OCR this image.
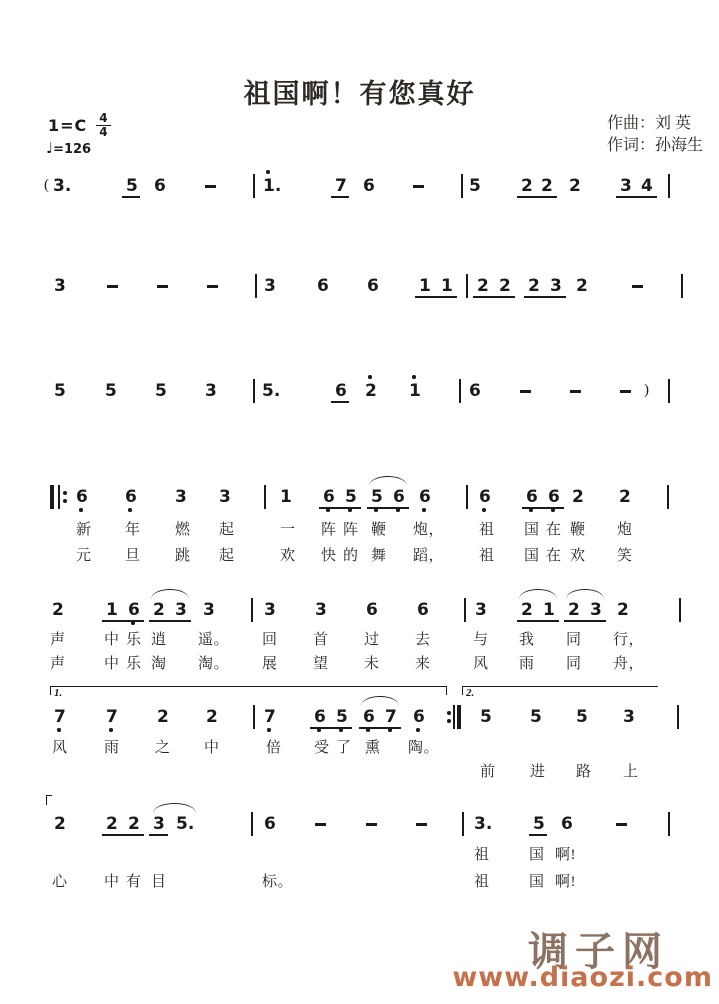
祖国啊！有您真好
$1=C \frac{4}{4}$
♩=126
作曲：刘 英
作词：孙海生
( 3.	5 6	1.	7 6	5 2 2 2 3 4
3	3 6 6 1 1 2 2 2 3 2
5 5 5 3	5.	6 2 1	6	)
6 6 3 3	1 6 5 5 6 6	6 6 6 2 2
新 年 燃 起	一 阵 阵 鞭 炮， 祖 国 在 鞭 炮
元 旦 跳 起	欢 快 的 舞 蹈， 祖 国 在 欢 笑
2 1 6 2 3 3	3 3 6 6	3 2 1 2 3 2
声	中 乐 逍 遥。 回 首 过 去	与 我 同 行，
声	中 乐 淘 淘。 展 望 未 来	风 雨 同 舟，
7 7 2 2	7 6 5 6 7 6	5 5 5 3
1.	2.
风 雨 之 中	倍 受 了 熏 陶。
前 进 路 上
2 2 2 3 5.	6	3. 5 6
祖	国 啊!
心 中 有 目	标。	祖	国 啊!
调子网
www.diaozi.com
